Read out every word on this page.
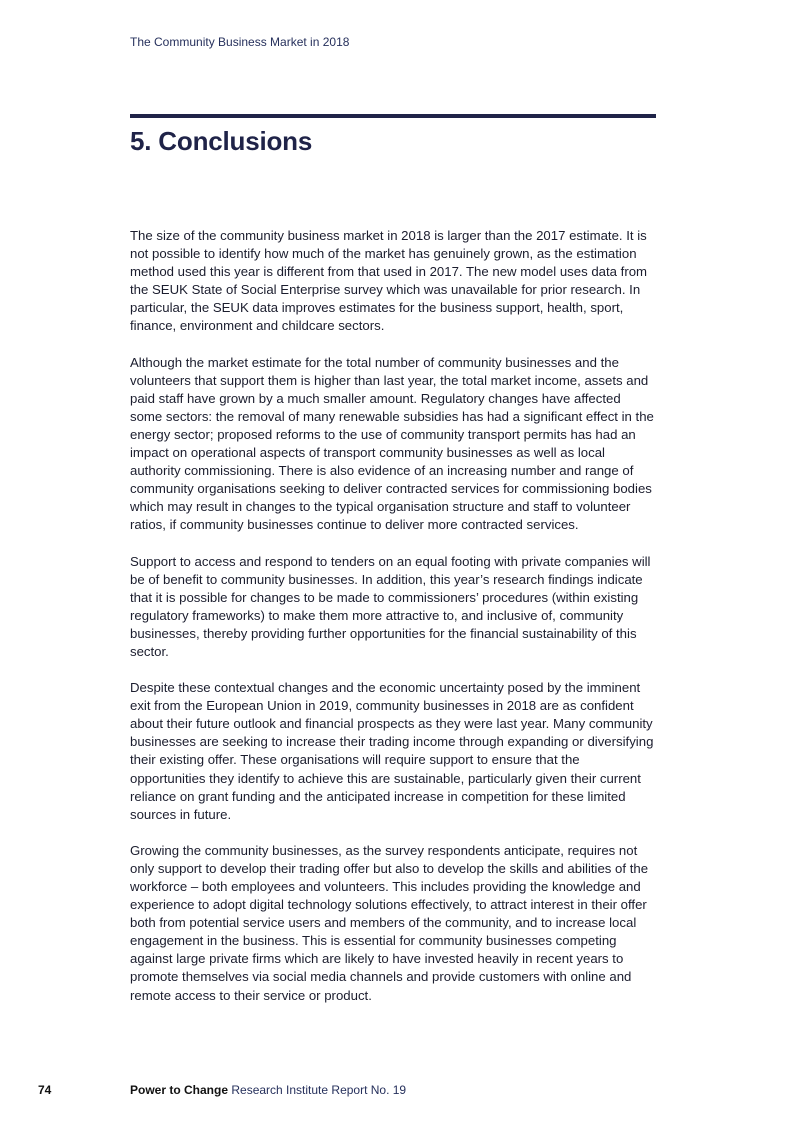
The Community Business Market in 2018
5. Conclusions

The size of the community business market in 2018 is larger than the 2017 estimate. It is not possible to identify how much of the market has genuinely grown, as the estimation method used this year is different from that used in 2017. The new model uses data from the SEUK State of Social Enterprise survey which was unavailable for prior research. In particular, the SEUK data improves estimates for the business support, health, sport, finance, environment and childcare sectors.

Although the market estimate for the total number of community businesses and the volunteers that support them is higher than last year, the total market income, assets and paid staff have grown by a much smaller amount. Regulatory changes have affected some sectors: the removal of many renewable subsidies has had a significant effect in the energy sector; proposed reforms to the use of community transport permits has had an impact on operational aspects of transport community businesses as well as local authority commissioning. There is also evidence of an increasing number and range of community organisations seeking to deliver contracted services for commissioning bodies which may result in changes to the typical organisation structure and staff to volunteer ratios, if community businesses continue to deliver more contracted services.

Support to access and respond to tenders on an equal footing with private companies will be of benefit to community businesses. In addition, this year’s research findings indicate that it is possible for changes to be made to commissioners’ procedures (within existing regulatory frameworks) to make them more attractive to, and inclusive of, community businesses, thereby providing further opportunities for the financial sustainability of this sector.

Despite these contextual changes and the economic uncertainty posed by the imminent exit from the European Union in 2019, community businesses in 2018 are as confident about their future outlook and financial prospects as they were last year. Many community businesses are seeking to increase their trading income through expanding or diversifying their existing offer. These organisations will require support to ensure that the opportunities they identify to achieve this are sustainable, particularly given their current reliance on grant funding and the anticipated increase in competition for these limited sources in future.

Growing the community businesses, as the survey respondents anticipate, requires not only support to develop their trading offer but also to develop the skills and abilities of the workforce – both employees and volunteers. This includes providing the knowledge and experience to adopt digital technology solutions effectively, to attract interest in their offer both from potential service users and members of the community, and to increase local engagement in the business. This is essential for community businesses competing against large private firms which are likely to have invested heavily in recent years to promote themselves via social media channels and provide customers with online and remote access to their service or product.

74	Power to Change Research Institute Report No. 19
